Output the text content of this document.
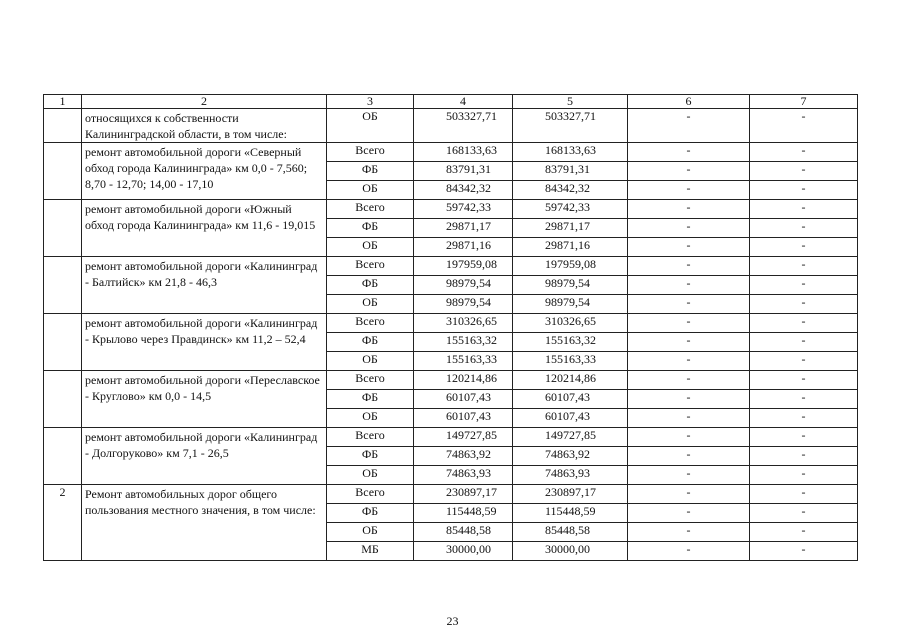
1	2	3	4	5	6	7
	относящихся к собственности Калининградской области, в том числе:	ОБ	503327,71	503327,71	-	-
	ремонт автомобильной дороги «Северный обход города Калининграда» км 0,0 - 7,560; 8,70 - 12,70; 14,00 - 17,10	Всего	168133,63	168133,63	-	-
		ФБ	83791,31	83791,31	-	-
		ОБ	84342,32	84342,32	-	-
	ремонт автомобильной дороги «Южный обход города Калининграда» км 11,6 - 19,015	Всего	59742,33	59742,33	-	-
		ФБ	29871,17	29871,17	-	-
		ОБ	29871,16	29871,16	-	-
	ремонт автомобильной дороги «Калининград - Балтийск» км 21,8 - 46,3	Всего	197959,08	197959,08	-	-
		ФБ	98979,54	98979,54	-	-
		ОБ	98979,54	98979,54	-	-
	ремонт автомобильной дороги «Калининград - Крылово через Правдинск» км 11,2 – 52,4	Всего	310326,65	310326,65	-	-
		ФБ	155163,32	155163,32	-	-
		ОБ	155163,33	155163,33	-	-
	ремонт автомобильной дороги «Переславское - Круглово» км 0,0 - 14,5	Всего	120214,86	120214,86	-	-
		ФБ	60107,43	60107,43	-	-
		ОБ	60107,43	60107,43	-	-
	ремонт автомобильной дороги «Калининград - Долгоруково» км 7,1 - 26,5	Всего	149727,85	149727,85	-	-
		ФБ	74863,92	74863,92	-	-
		ОБ	74863,93	74863,93	-	-
2	Ремонт автомобильных дорог общего пользования местного значения, в том числе:	Всего	230897,17	230897,17	-	-
		ФБ	115448,59	115448,59	-	-
		ОБ	85448,58	85448,58	-	-
		МБ	30000,00	30000,00	-	-
23
